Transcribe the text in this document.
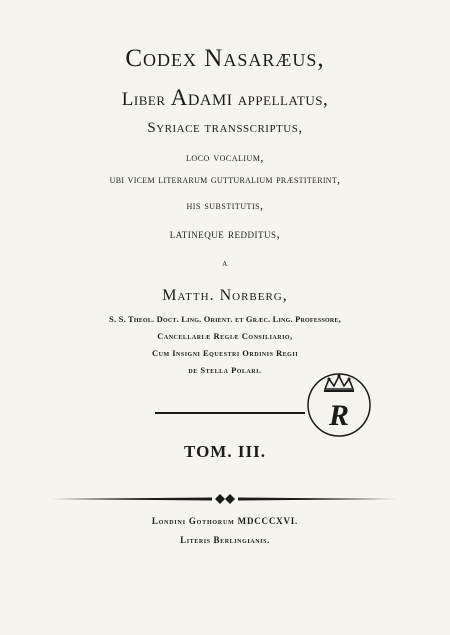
Codex Nasaræus,
Liber Adami appellatus,
Syriace transscriptus,
loco vocalium,
ubi vicem literarum gutturalium præstiterint,
his substitutis,
latineque redditus,
a
Matth. Norberg,
S. S. Theol. Doct. Ling. Orient. et Græc. Ling. Professore,
Cancellariæ Regiæ Consiliario,
Cum Insigni Equestri Ordinis Regii
de Stella Polari.
R
TOM. III.
Londini Gothorum MDCCCXVI.
Literis Berlingianis.
